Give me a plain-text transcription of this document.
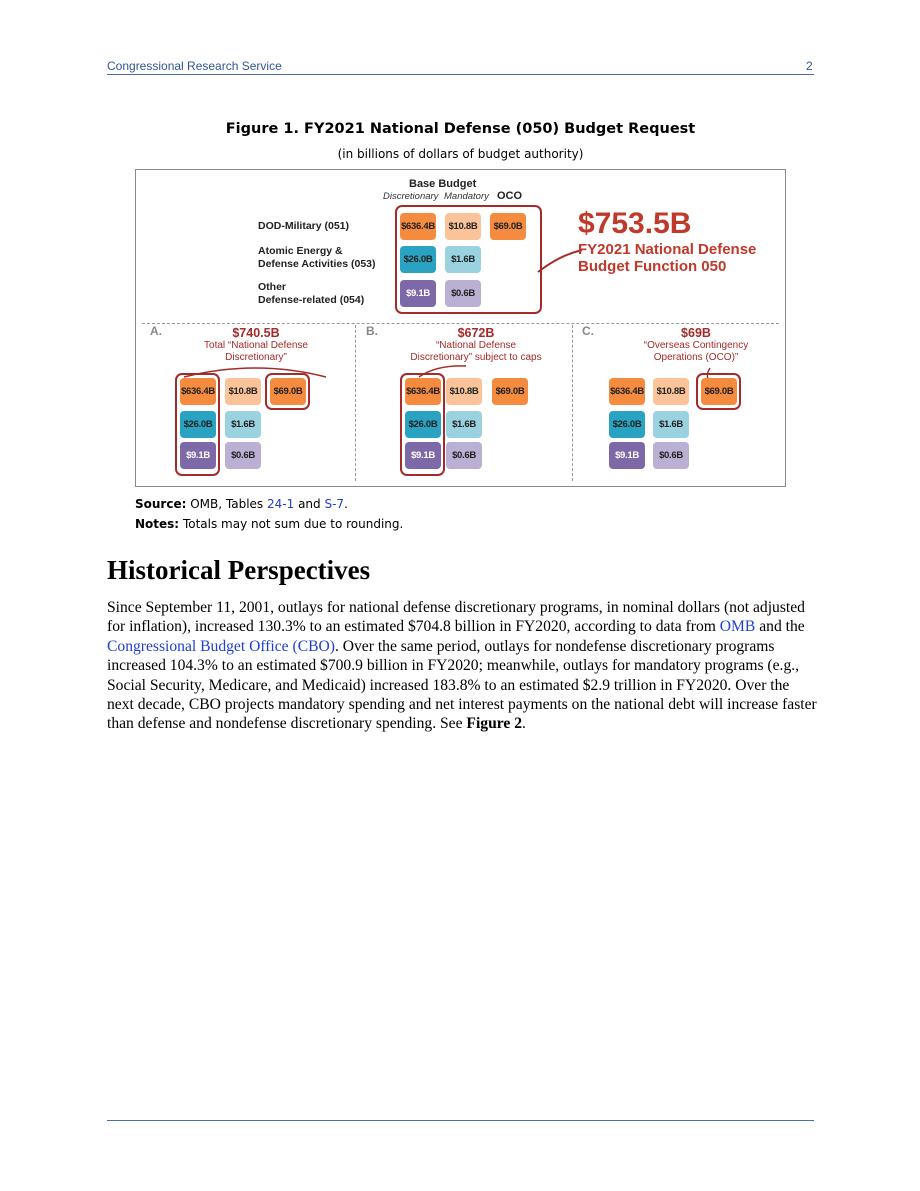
Congressional Research Service	2
Figure 1. FY2021 National Defense (050) Budget Request
(in billions of dollars of budget authority)
Base Budget
Discretionary Mandatory OCO
DOD-Military (051)
Atomic Energy &
Defense Activities (053)
Other
Defense-related (054)
$636.4B	$10.8B	$69.0B
$26.0B	$1.6B
$9.1B	$0.6B
$753.5B
FY2021 National Defense
Budget Function 050
A.	$740.5B
Total “National Defense
Discretionary”
$636.4B	$10.8B	$69.0B
$26.0B	$1.6B
$9.1B	$0.6B
B.	$672B
“National Defense
Discretionary” subject to caps
$636.4B	$10.8B	$69.0B
$26.0B	$1.6B
$9.1B	$0.6B
C.	$69B
“Overseas Contingency
Operations (OCO)”
$636.4B	$10.8B	$69.0B
$26.0B	$1.6B
$9.1B	$0.6B
Source: OMB, Tables 24-1 and S-7.
Notes: Totals may not sum due to rounding.
Historical Perspectives
Since September 11, 2001, outlays for national defense discretionary programs, in nominal dollars (not adjusted for inflation), increased 130.3% to an estimated $704.8 billion in FY2020, according to data from OMB and the Congressional Budget Office (CBO). Over the same period, outlays for nondefense discretionary programs increased 104.3% to an estimated $700.9 billion in FY2020; meanwhile, outlays for mandatory programs (e.g., Social Security, Medicare, and Medicaid) increased 183.8% to an estimated $2.9 trillion in FY2020. Over the next decade, CBO projects mandatory spending and net interest payments on the national debt will increase faster than defense and nondefense discretionary spending. See Figure 2.
